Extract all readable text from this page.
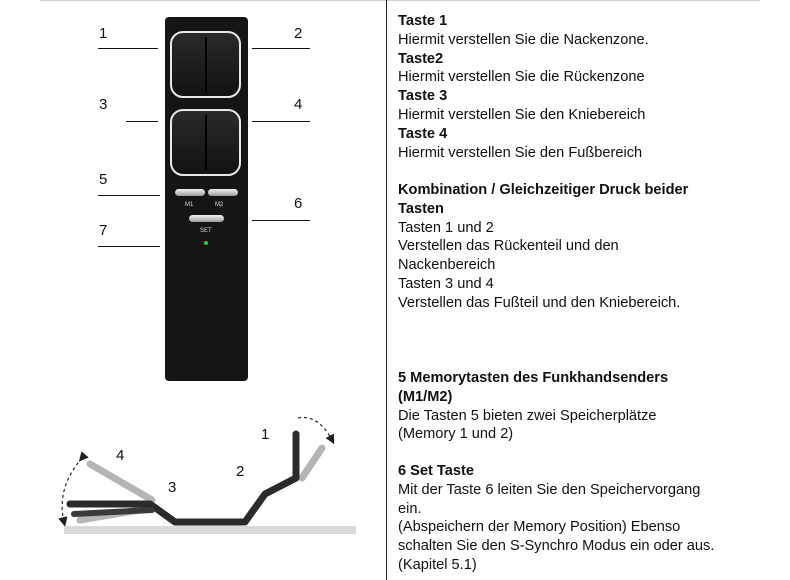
M1	M2
SET
1	2
3	4
5
6
7
4
3
2
1

Taste 1

Hiermit verstellen Sie die Nackenzone.

Taste2

Hiermit verstellen Sie die Rückenzone

Taste 3

Hiermit verstellen Sie den Kniebereich

Taste 4

Hiermit verstellen Sie den Fußbereich

Kombination / Gleichzeitiger Druck beider

Tasten

Tasten 1 und 2

Verstellen das Rückenteil und den

Nackenbereich

Tasten 3 und 4

Verstellen das Fußteil und den Kniebereich.

5 Memorytasten des Funkhandsenders

(M1/M2)

Die Tasten 5 bieten zwei Speicherplätze

(Memory 1 und 2)

6 Set Taste

Mit der Taste 6 leiten Sie den Speichervorgang

ein.

(Abspeichern der Memory Position) Ebenso

schalten Sie den S-Synchro Modus ein oder aus.

(Kapitel 5.1)
